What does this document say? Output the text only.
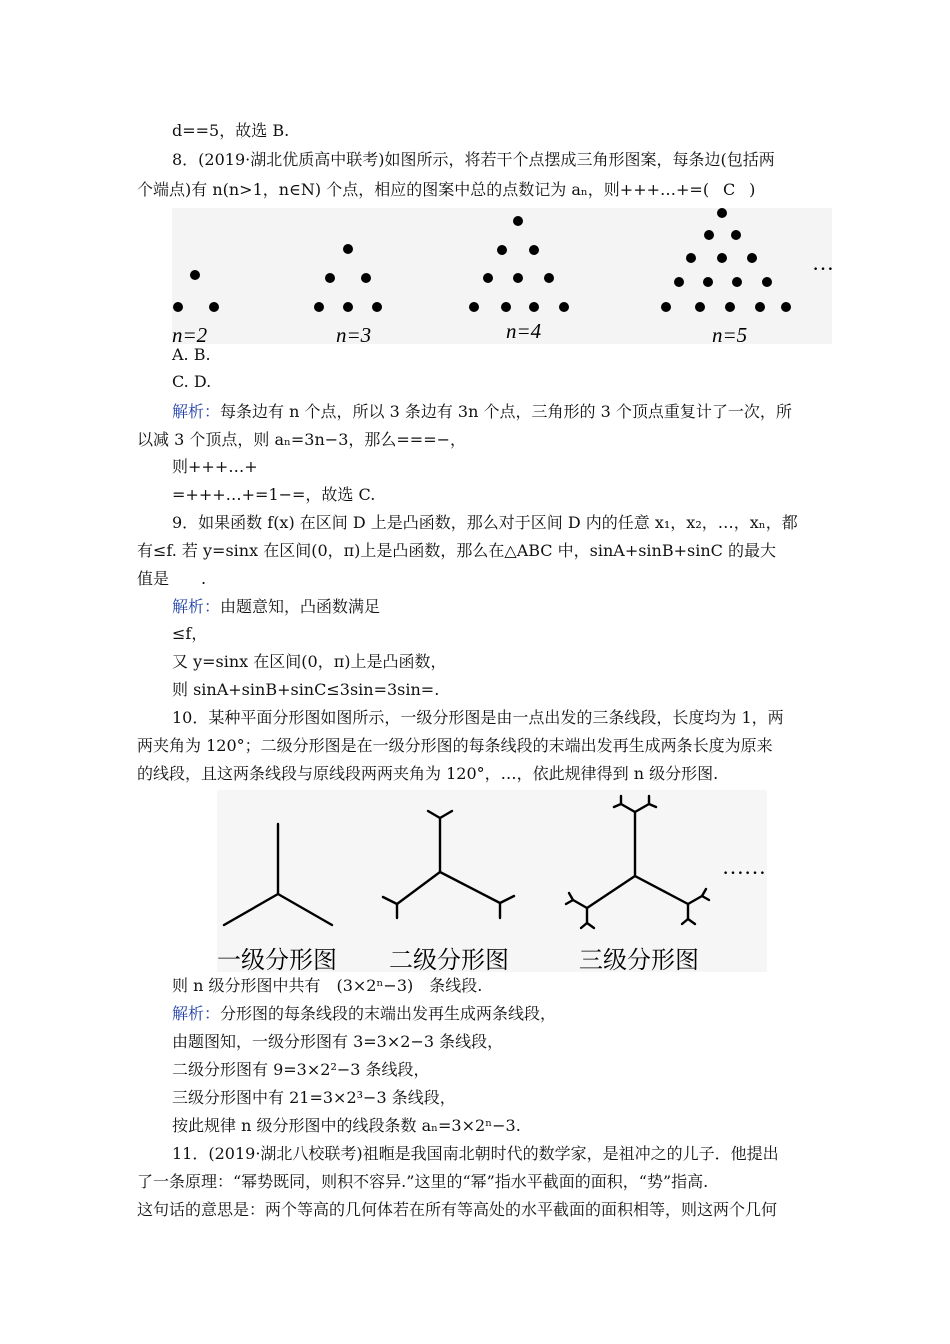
d==5，故选 B.
8．(2019·湖北优质高中联考)如图所示，将若干个点摆成三角形图案，每条边(包括两
个端点)有 n(n>1，n∈N) 个点，相应的图案中总的点数记为 aₙ，则+++…+=( C )
n=2	n=3	n=4	n=5
…
A. B.
C. D.
解析：每条边有 n 个点，所以 3 条边有 3n 个点，三角形的 3 个顶点重复计了一次，所
以减 3 个顶点，则 aₙ=3n−3，那么===−，
则+++…+
=+++…+=1−=，故选 C.
9．如果函数 f(x) 在区间 D 上是凸函数，那么对于区间 D 内的任意 x₁，x₂，…，xₙ，都
有≤f. 若 y=sinx 在区间(0，π)上是凸函数，那么在△ABC 中，sinA+sinB+sinC 的最大
值是　　.
解析：由题意知，凸函数满足
≤f，
又 y=sinx 在区间(0，π)上是凸函数，
则 sinA+sinB+sinC≤3sin=3sin=.
10．某种平面分形图如图所示，一级分形图是由一点出发的三条线段，长度均为 1，两
两夹角为 120°；二级分形图是在一级分形图的每条线段的末端出发再生成两条长度为原来
的线段，且这两条线段与原线段两两夹角为 120°，…，依此规律得到 n 级分形图.
……
一级分形图 二级分形图	三级分形图
则 n 级分形图中共有　(3×2ⁿ−3)　条线段.
解析：分形图的每条线段的末端出发再生成两条线段，
由题图知，一级分形图有 3=3×2−3 条线段，
二级分形图有 9=3×2²−3 条线段，
三级分形图中有 21=3×2³−3 条线段，
按此规律 n 级分形图中的线段条数 aₙ=3×2ⁿ−3.
11．(2019·湖北八校联考)祖暅是我国南北朝时代的数学家，是祖冲之的儿子．他提出
了一条原理：“幂势既同，则积不容异.”这里的“幂”指水平截面的面积，“势”指高.
这句话的意思是：两个等高的几何体若在所有等高处的水平截面的面积相等，则这两个几何
